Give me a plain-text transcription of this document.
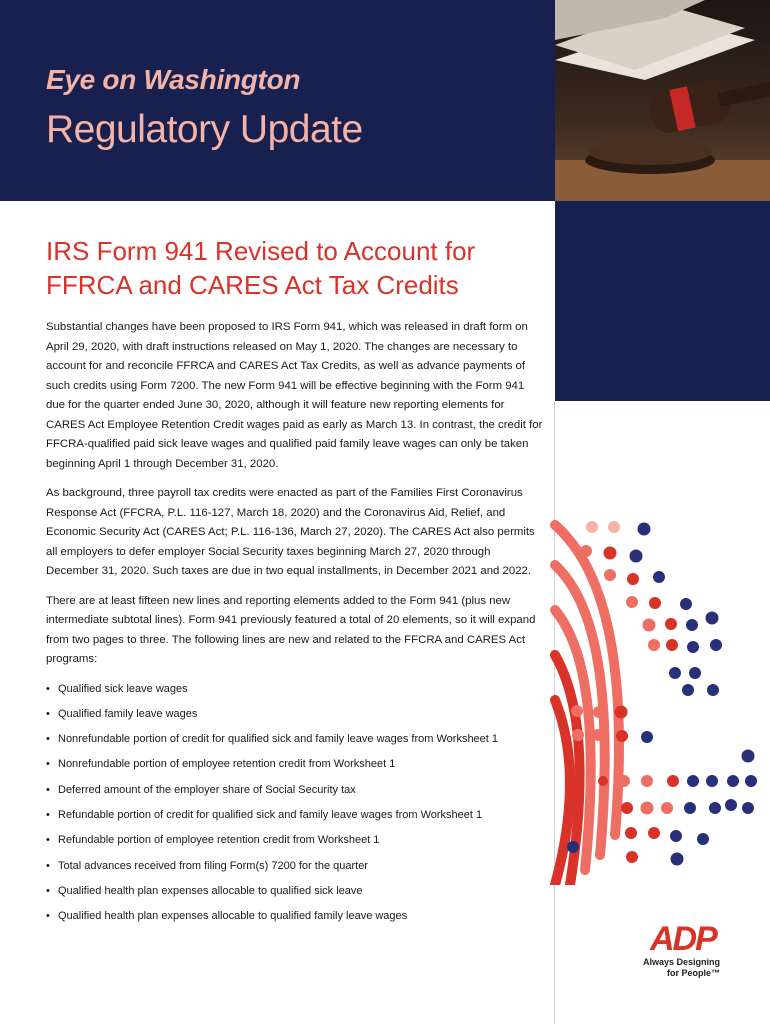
Eye on Washington
Regulatory Update
IRS Form 941 Revised to Account for
FFRCA and CARES Act Tax Credits

Substantial changes have been proposed to IRS Form 941, which was released in draft form on April 29, 2020, with draft instructions released on May 1, 2020. The changes are necessary to account for and reconcile FFRCA and CARES Act Tax Credits, as well as advance payments of such credits using Form 7200. The new Form 941 will be effective beginning with the Form 941 due for the quarter ended June 30, 2020, although it will feature new reporting elements for CARES Act Employee Retention Credit wages paid as early as March 13. In contrast, the credit for FFCRA-qualified paid sick leave wages and qualified paid family leave wages can only be taken beginning April 1 through December 31, 2020.

As background, three payroll tax credits were enacted as part of the Families First Coronavirus Response Act (FFCRA, P.L. 116-127, March 18, 2020) and the Coronavirus Aid, Relief, and Economic Security Act (CARES Act; P.L. 116-136, March 27, 2020). The CARES Act also permits all employers to defer employer Social Security taxes beginning March 27, 2020 through December 31, 2020. Such taxes are due in two equal installments, in December 2021 and 2022.

There are at least fifteen new lines and reporting elements added to the Form 941 (plus new intermediate subtotal lines). Form 941 previously featured a total of 20 elements, so it will expand from two pages to three. The following lines are new and related to the FFCRA and CARES Act programs:

• Qualified sick leave wages
• Qualified family leave wages
• Nonrefundable portion of credit for qualified sick and family leave wages from Worksheet 1
• Nonrefundable portion of employee retention credit from Worksheet 1
• Deferred amount of the employer share of Social Security tax
• Refundable portion of credit for qualified sick and family leave wages from Worksheet 1
• Refundable portion of employee retention credit from Worksheet 1
• Total advances received from filing Form(s) 7200 for the quarter
• Qualified health plan expenses allocable to qualified sick leave
• Qualified health plan expenses allocable to qualified family leave wages
ADP
Always Designing
for People™
